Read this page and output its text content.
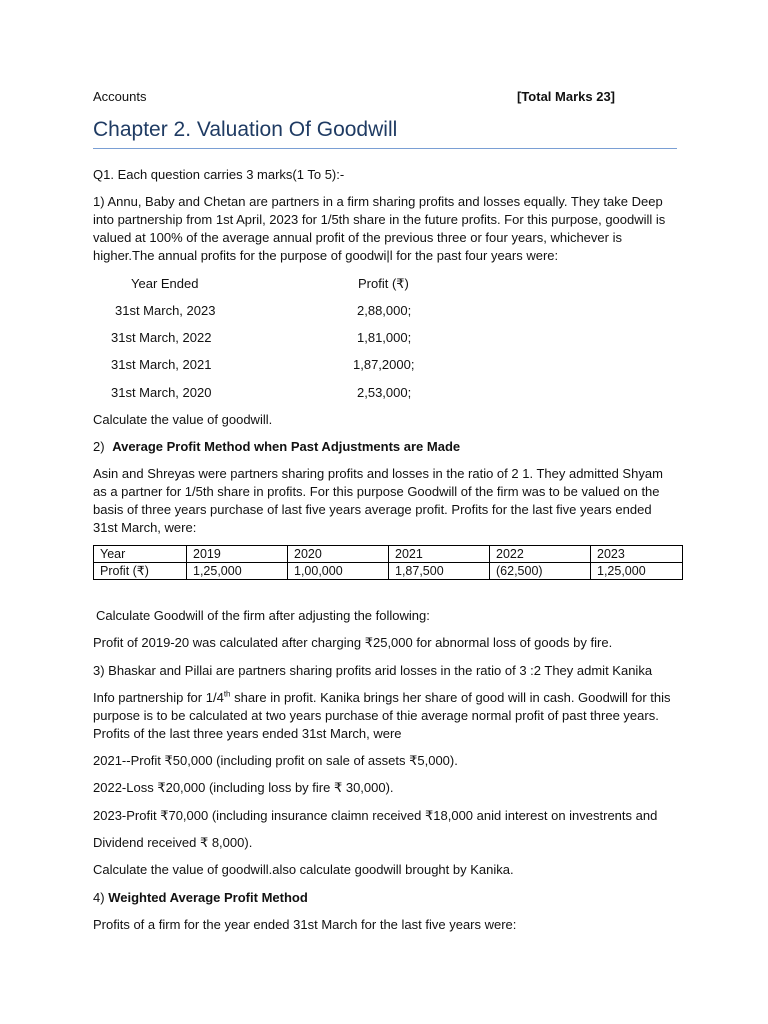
Accounts	[Total Marks 23]
Chapter 2. Valuation Of Goodwill
Q1. Each question carries 3 marks(1 To 5):-
1) Annu, Baby and Chetan are partners in a firm sharing profits and losses equally. They take Deep into partnership from 1st April, 2023 for 1/5th share in the future profits. For this purpose, goodwill is valued at 100% of the average annual profit of the previous three or four years, whichever is higher.The annual profits for the purpose of goodwi|l for the past four years were:
Year Ended	Profit (₹)
31st March, 2023	2,88,000;
31st March, 2022	1,81,000;
31st March, 2021	1,87,2000;
31st March, 2020	2,53,000;
Calculate the value of goodwill.
2) Average Profit Method when Past Adjustments are Made
Asin and Shreyas were partners sharing profits and losses in the ratio of 2 1. They admitted Shyam as a partner for 1/5th share in profits. For this purpose Goodwill of the firm was to be valued on the basis of three years purchase of last five years average profit. Profits for the last five years ended 31st March, were:
Year	2019	2020	2021	2022	2023
Profit (₹)	1,25,000	1,00,000	1,87,500	(62,500)	1,25,000
Calculate Goodwill of the firm after adjusting the following:
Profit of 2019-20 was calculated after charging ₹25,000 for abnormal loss of goods by fire.
3) Bhaskar and Pillai are partners sharing profits arid losses in the ratio of 3 :2 They admit Kanika
Info partnership for 1/4th share in profit. Kanika brings her share of good will in cash. Goodwill for this purpose is to be calculated at two years purchase of thie average normal profit of past three years. Profits of the last three years ended 31st March, were
2021--Profit ₹50,000 (including profit on sale of assets ₹5,000).
2022-Loss ₹20,000 (including loss by fire ₹ 30,000).
2023-Profit ₹70,000 (including insurance claimn received ₹18,000 anid interest on investrents and
Dividend received ₹ 8,000).
Calculate the value of goodwill.also calculate goodwill brought by Kanika.
4) Weighted Average Profit Method
Profits of a firm for the year ended 31st March for the last five years were:
